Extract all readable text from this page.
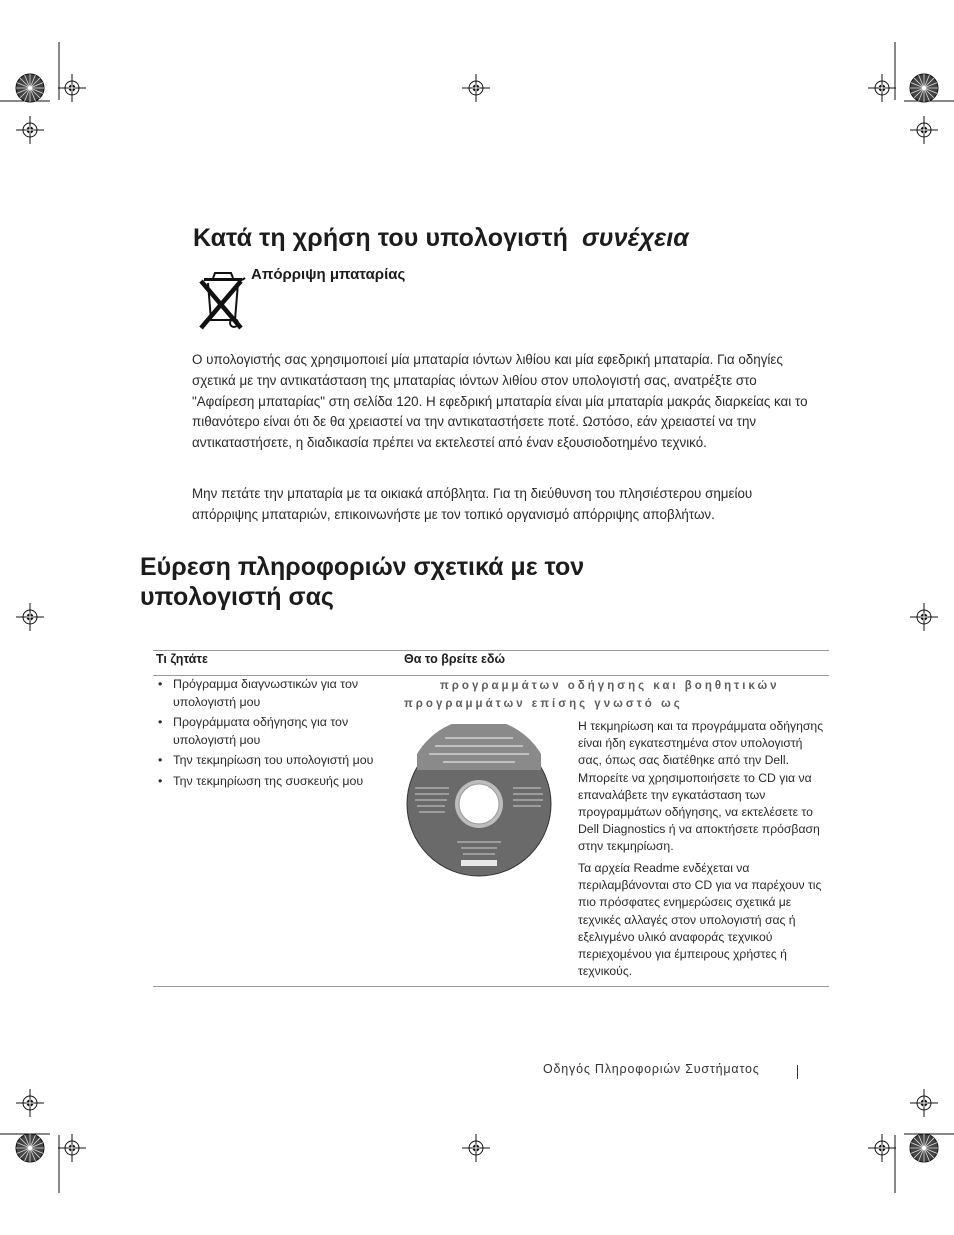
Κατά τη χρήση του υπολογιστή συνέχεια
Απόρριψη μπαταρίας
Ο υπολογιστής σας χρησιμοποιεί μία μπαταρία ιόντων λιθίου και μία εφεδρική μπαταρία. Για οδηγίες σχετικά με την αντικατάσταση της μπαταρίας ιόντων λιθίου στον υπολογιστή σας, ανατρέξτε στο "Αφαίρεση μπαταρίας" στη σελίδα 120. Η εφεδρική μπαταρία είναι μία μπαταρία μακράς διαρκείας και το πιθανότερο είναι ότι δε θα χρειαστεί να την αντικαταστήσετε ποτέ. Ωστόσο, εάν χρειαστεί να την αντικαταστήσετε, η διαδικασία πρέπει να εκτελεστεί από έναν εξουσιοδοτημένο τεχνικό.
Μην πετάτε την μπαταρία με τα οικιακά απόβλητα. Για τη διεύθυνση του πλησιέστερου σημείου απόρριψης μπαταριών, επικοινωνήστε με τον τοπικό οργανισμό απόρριψης αποβλήτων.
Εύρεση πληροφοριών σχετικά με τον υπολογιστή σας
Τι ζητάτε	Θα το βρείτε εδώ
• Πρόγραμμα διαγνωστικών για τον υπολογιστή μου
• Προγράμματα οδήγησης για τον υπολογιστή μου
• Την τεκμηρίωση του υπολογιστή μου
• Την τεκμηρίωση της συσκευής μου
προγραμμάτων οδήγησης και βοηθητικών
προγραμμάτων επίσης γνωστό ως
Η τεκμηρίωση και τα προγράμματα οδήγησης είναι ήδη εγκατεστημένα στον υπολογιστή σας, όπως σας διατέθηκε από την Dell. Μπορείτε να χρησιμοποιήσετε το CD για να επαναλάβετε την εγκατάσταση των προγραμμάτων οδήγησης, να εκτελέσετε το Dell Diagnostics ή να αποκτήσετε πρόσβαση στην τεκμηρίωση.
Τα αρχεία Readme ενδέχεται να περιλαμβάνονται στο CD για να παρέχουν τις πιο πρόσφατες ενημερώσεις σχετικά με τεχνικές αλλαγές στον υπολογιστή σας ή εξελιγμένο υλικό αναφοράς τεχνικού περιεχομένου για έμπειρους χρήστες ή τεχνικούς.
Οδηγός Πληροφοριών Συστήματος
